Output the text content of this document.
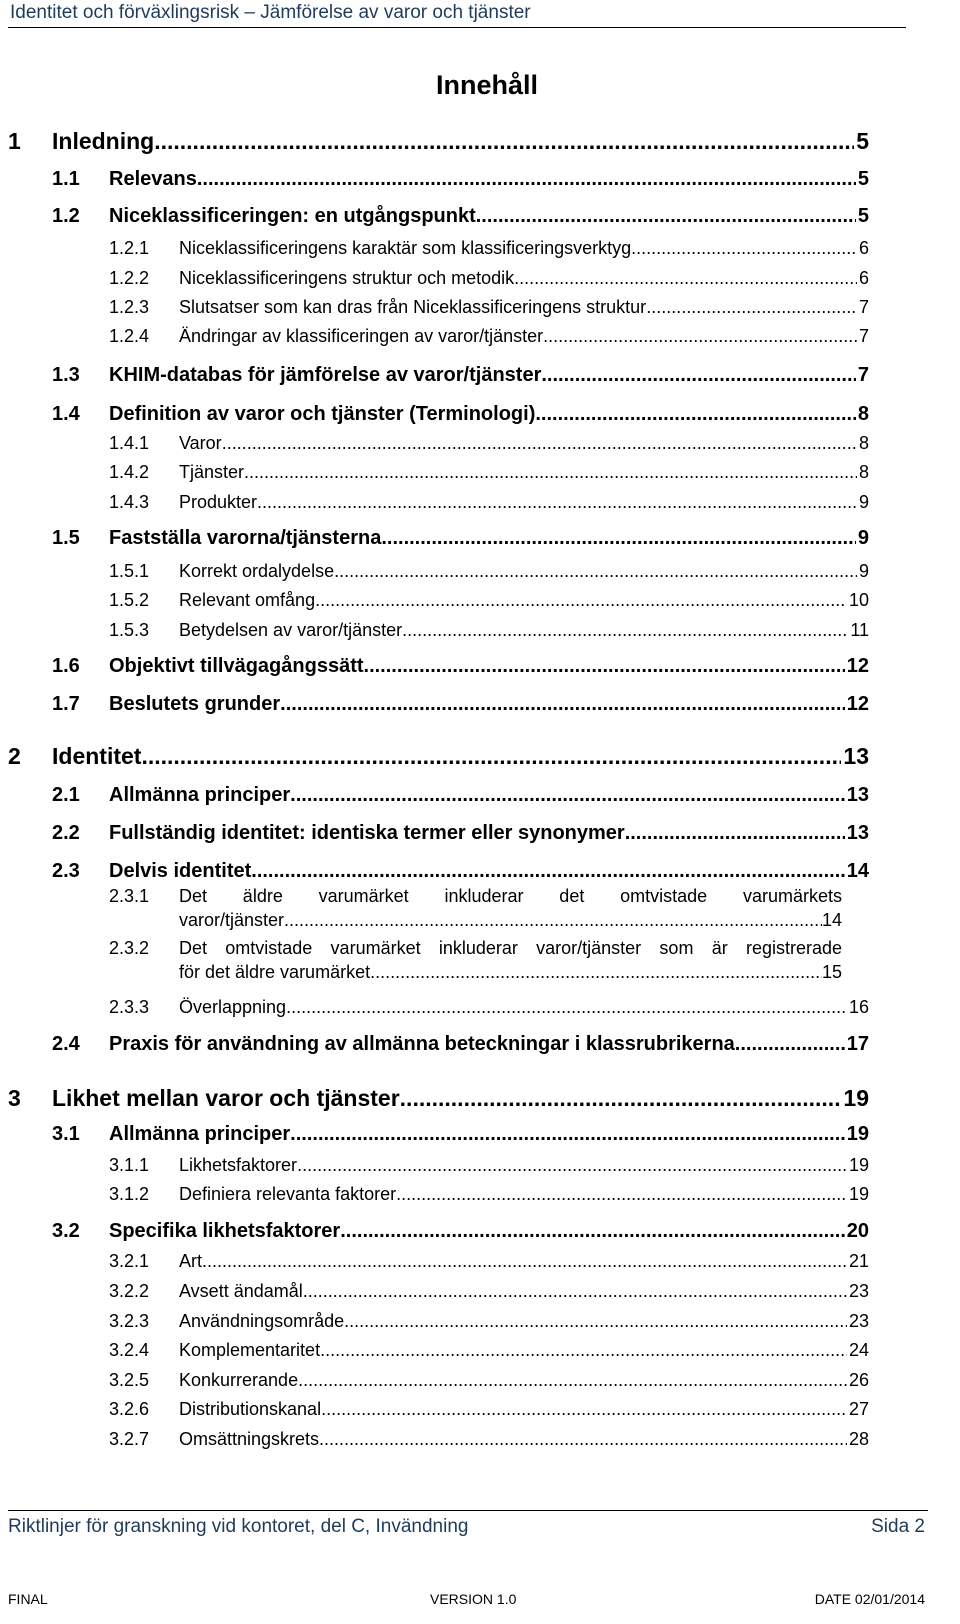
Identitet och förväxlingsrisk – Jämförelse av varor och tjänster
Innehåll
1 Inledning .....	5
1.1 Relevans .....	5
1.2 Niceklassificeringen: en utgångspunkt .....	5
1.2.1 Niceklassificeringens karaktär som klassificeringsverktyg .....	6
1.2.2 Niceklassificeringens struktur och metodik .....	6
1.2.3 Slutsatser som kan dras från Niceklassificeringens struktur .....	7
1.2.4 Ändringar av klassificeringen av varor/tjänster .....	7
1.3 KHIM-databas för jämförelse av varor/tjänster .....	7
1.4 Definition av varor och tjänster (Terminologi) .....	8
1.4.1 Varor .....	8
1.4.2 Tjänster .....	8
1.4.3 Produkter .....	9
1.5 Fastställa varorna/tjänsterna .....	9
1.5.1 Korrekt ordalydelse .....	9
1.5.2 Relevant omfång .....	10
1.5.3 Betydelsen av varor/tjänster .....	11
1.6 Objektivt tillvägagångssätt .....	12
1.7 Beslutets grunder .....	12
2 Identitet .....	13
2.1 Allmänna principer .....	13
2.2 Fullständig identitet: identiska termer eller synonymer .....	13
2.3 Delvis identitet .....	14
2.3.1 Det äldre varumärket inkluderar det omtvistade varumärkets
varor/tjänster .....	14
2.3.2 Det omtvistade varumärket inkluderar varor/tjänster som är registrerade
för det äldre varumärket .....	15
2.3.3 Överlappning .....	16
2.4 Praxis för användning av allmänna beteckningar i klassrubrikerna .....	17
3 Likhet mellan varor och tjänster .....	19
3.1 Allmänna principer .....	19
3.1.1 Likhetsfaktorer .....	19
3.1.2 Definiera relevanta faktorer .....	19
3.2 Specifika likhetsfaktorer .....	20
3.2.1 Art .....	21
3.2.2 Avsett ändamål .....	23
3.2.3 Användningsområde .....	23
3.2.4 Komplementaritet .....	24
3.2.5 Konkurrerande .....	26
3.2.6 Distributionskanal .....	27
3.2.7 Omsättningskrets .....	28
Riktlinjer för granskning vid kontoret, del C, Invändning	Sida 2
FINAL	VERSION 1.0	DATE 02/01/2014
